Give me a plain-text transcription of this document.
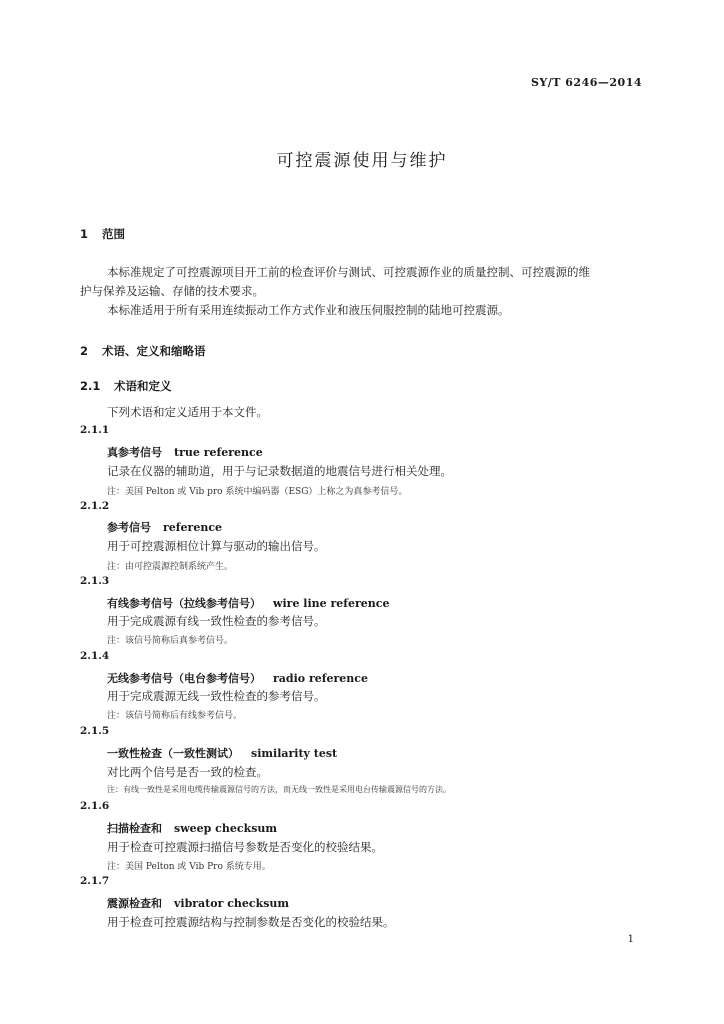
SY/T 6246—2014
可控震源使用与维护
1 范围
本标准规定了可控震源项目开工前的检查评价与测试、可控震源作业的质量控制、可控震源的维
护与保养及运输、存储的技术要求。
本标准适用于所有采用连续振动工作方式作业和液压伺服控制的陆地可控震源。
2 术语、定义和缩略语
2.1 术语和定义
下列术语和定义适用于本文件。
2.1.1
真参考信号 true reference
记录在仪器的辅助道，用于与记录数据道的地震信号进行相关处理。
注：美国 Pelton 或 Vib pro 系统中编码器（ESG）上称之为真参考信号。
2.1.2
参考信号 reference
用于可控震源相位计算与驱动的输出信号。
注：由可控震源控制系统产生。
2.1.3
有线参考信号（拉线参考信号） wire line reference
用于完成震源有线一致性检查的参考信号。
注：该信号简称后真参考信号。
2.1.4
无线参考信号（电台参考信号） radio reference
用于完成震源无线一致性检查的参考信号。
注：该信号简称后有线参考信号。
2.1.5
一致性检查（一致性测试） similarity test
对比两个信号是否一致的检查。
注：有线一致性是采用电缆传输震源信号的方法，而无线一致性是采用电台传输震源信号的方法。
2.1.6
扫描检查和 sweep checksum
用于检查可控震源扫描信号参数是否变化的校验结果。
注：美国 Pelton 或 Vib Pro 系统专用。
2.1.7
震源检查和 vibrator checksum
用于检查可控震源结构与控制参数是否变化的校验结果。
1
